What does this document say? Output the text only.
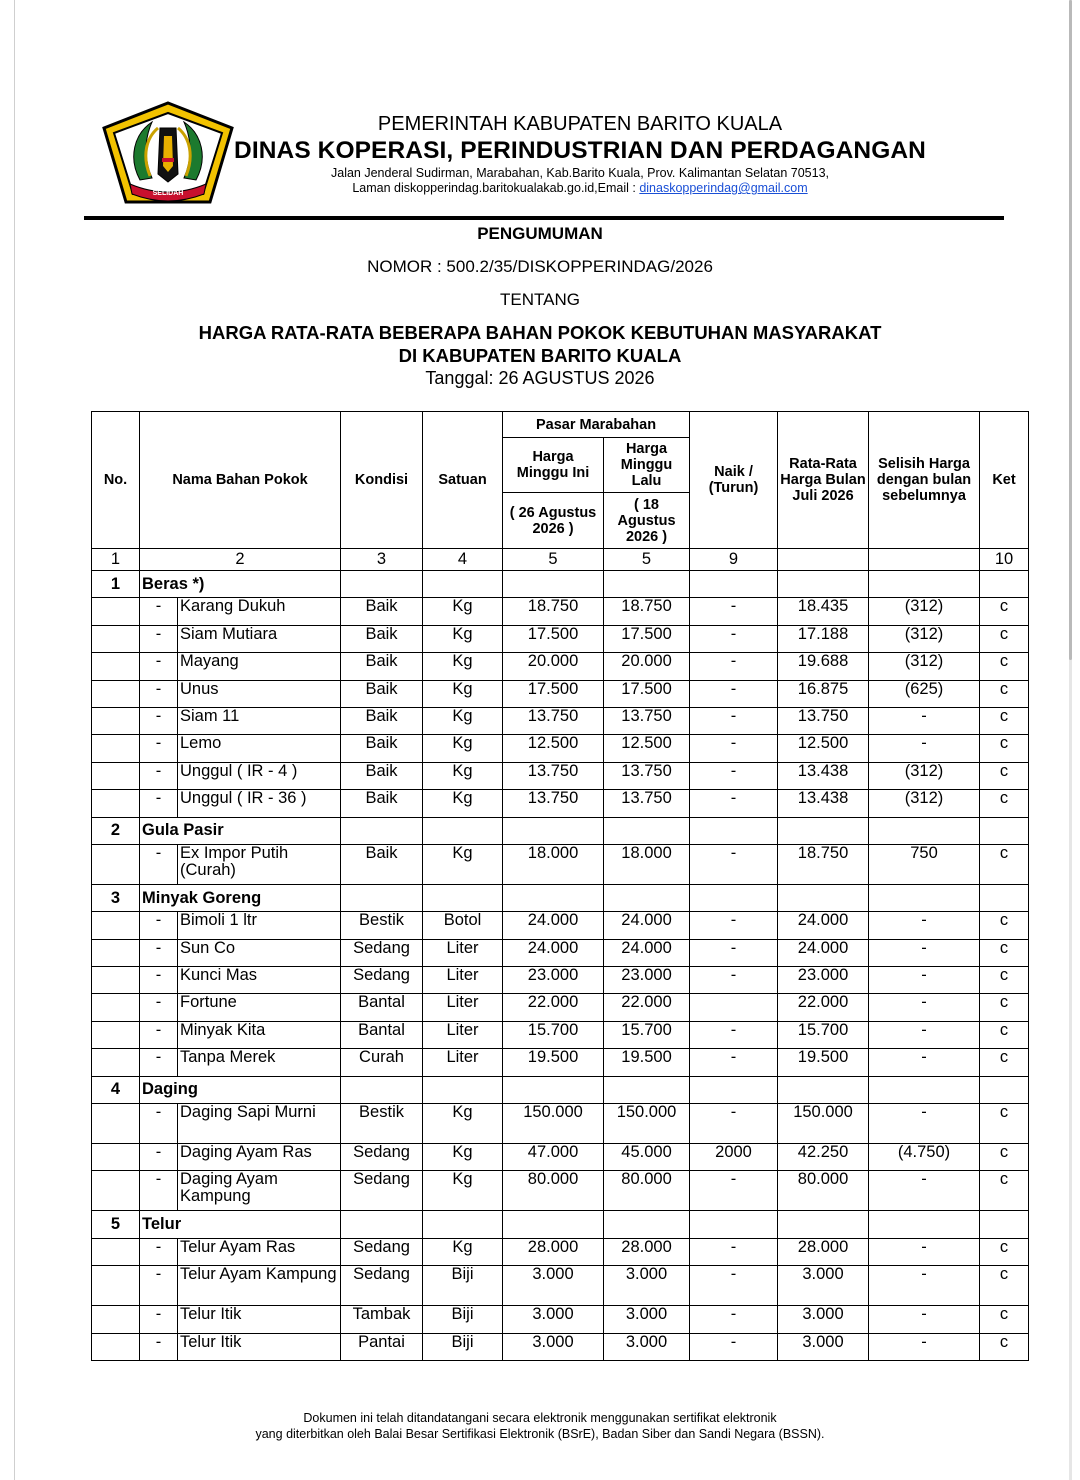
SELIDAH
PEMERINTAH KABUPATEN BARITO KUALA
DINAS KOPERASI, PERINDUSTRIAN DAN PERDAGANGAN
Jalan Jenderal Sudirman, Marabahan, Kab.Barito Kuala, Prov. Kalimantan Selatan 70513,
Laman diskopperindag.baritokualakab.go.id,Email : dinaskopperindag@gmail.com
PENGUMUMAN
NOMOR : 500.2/35/DISKOPPERINDAG/2026
TENTANG
HARGA RATA-RATA BEBERAPA BAHAN POKOK KEBUTUHAN MASYARAKAT
DI KABUPATEN BARITO KUALA
Tanggal: 26 AGUSTUS 2026
No.	Nama Bahan Pokok		Kondisi	Satuan	Pasar Marabahan		Naik / (Turun)	Rata-Rata Harga Bulan Juli 2026	Selisih Harga dengan bulan sebelumnya	Ket
					Harga Minggu Ini	Harga Minggu Lalu				
					( 26 Agustus 2026 )	( 18 Agustus 2026 )				
1	2		3	4	5	5	9			10
1	Beras *)									
	-	Karang Dukuh	Baik	Kg	18.750	18.750	-	18.435	(312)	c
	-	Siam Mutiara	Baik	Kg	17.500	17.500	-	17.188	(312)	c
	-	Mayang	Baik	Kg	20.000	20.000	-	19.688	(312)	c
	-	Unus	Baik	Kg	17.500	17.500	-	16.875	(625)	c
	-	Siam 11	Baik	Kg	13.750	13.750	-	13.750	-	c
	-	Lemo	Baik	Kg	12.500	12.500	-	12.500	-	c
	-	Unggul ( IR - 4 )	Baik	Kg	13.750	13.750	-	13.438	(312)	c
	-	Unggul ( IR - 36 )	Baik	Kg	13.750	13.750	-	13.438	(312)	c
2	Gula Pasir									
	-	Ex Impor Putih (Curah)	Baik	Kg	18.000	18.000	-	18.750	750	c
3	Minyak Goreng									
	-	Bimoli 1 ltr	Bestik	Botol	24.000	24.000	-	24.000	-	c
	-	Sun Co	Sedang	Liter	24.000	24.000	-	24.000	-	c
	-	Kunci Mas	Sedang	Liter	23.000	23.000	-	23.000	-	c
	-	Fortune	Bantal	Liter	22.000	22.000		22.000	-	c
	-	Minyak Kita	Bantal	Liter	15.700	15.700	-	15.700	-	c
	-	Tanpa Merek	Curah	Liter	19.500	19.500	-	19.500	-	c
4	Daging									
	-	Daging Sapi Murni	Bestik	Kg	150.000	150.000	-	150.000	-	c
	-	Daging Ayam Ras	Sedang	Kg	47.000	45.000	2000	42.250	(4.750)	c
	-	Daging Ayam Kampung	Sedang	Kg	80.000	80.000	-	80.000	-	c
5	Telur									
	-	Telur Ayam Ras	Sedang	Kg	28.000	28.000	-	28.000	-	c
	-	Telur Ayam Kampung	Sedang	Biji	3.000	3.000	-	3.000	-	c
	-	Telur Itik	Tambak	Biji	3.000	3.000	-	3.000	-	c
	-	Telur Itik	Pantai	Biji	3.000	3.000	-	3.000	-	c
Dokumen ini telah ditandatangani secara elektronik menggunakan sertifikat elektronik
yang diterbitkan oleh Balai Besar Sertifikasi Elektronik (BSrE), Badan Siber dan Sandi Negara (BSSN).
